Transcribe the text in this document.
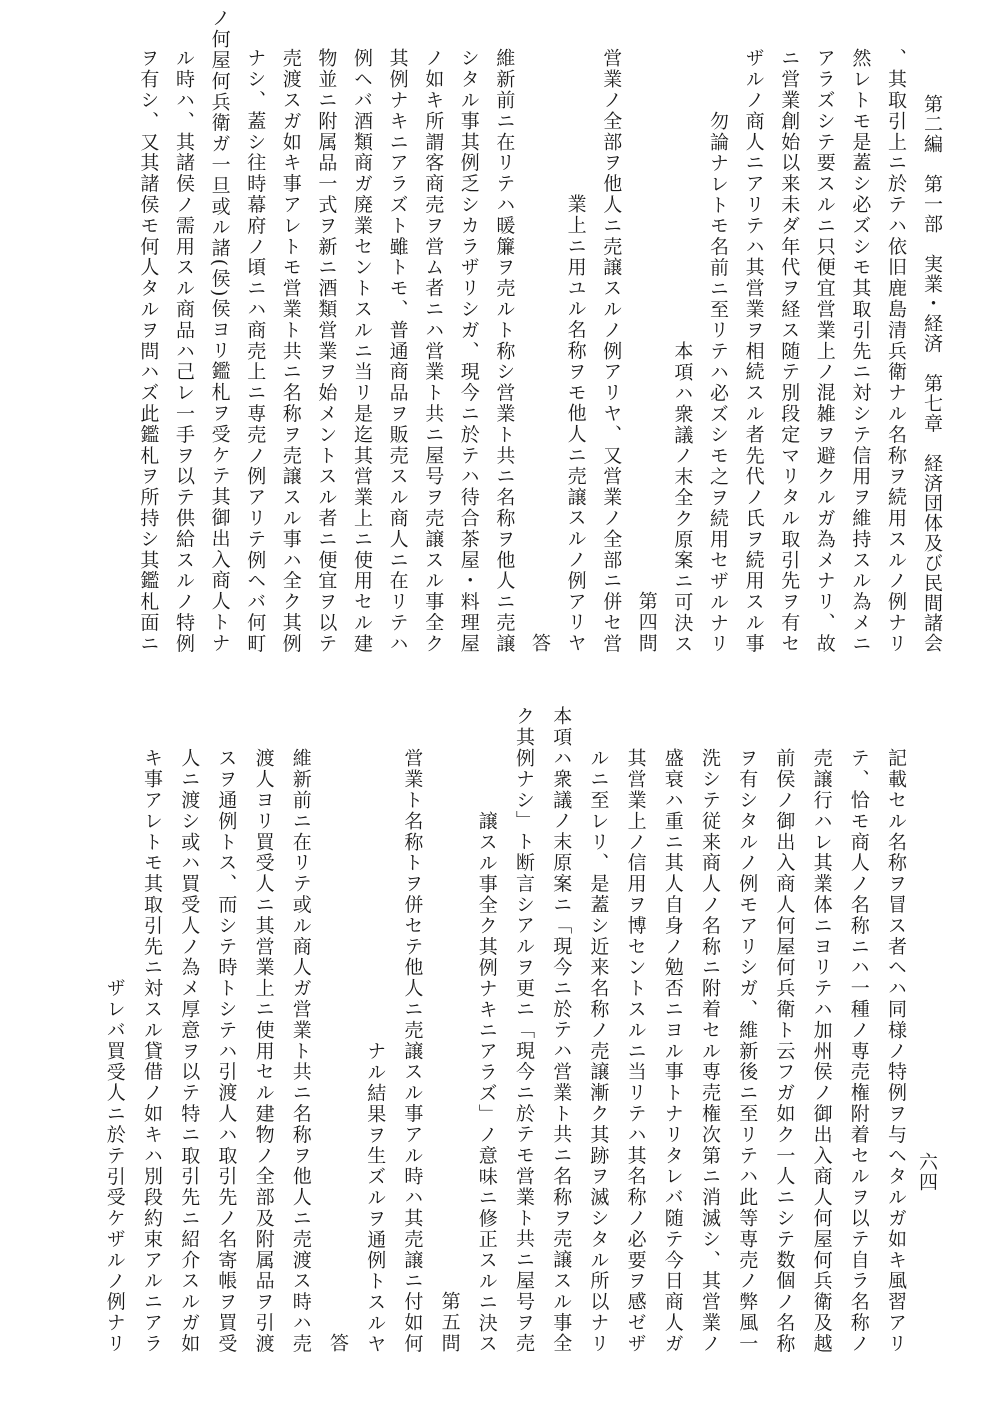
第二編　第一部　実業・経済　第七章　経済団体及び民間諸会
六四
其取引上ニ於テハ依旧鹿島清兵衛ナル名称ヲ続用スルノ例ナリ、
然レトモ是蓋シ必ズシモ其取引先ニ対シテ信用ヲ維持スル為メニ
アラズシテ要スルニ只便宜営業上ノ混雑ヲ避クルガ為メナリ、故
ニ営業創始以来未ダ年代ヲ経ス随テ別段定マリタル取引先ヲ有セ
ザルノ商人ニアリテハ其営業ヲ相続スル者先代ノ氏ヲ続用スル事
勿論ナレトモ名前ニ至リテハ必ズシモ之ヲ続用セザルナリ
本項ハ衆議ノ末全ク原案ニ可決ス
第四問
営業ノ全部ヲ他人ニ売譲スルノ例アリヤ、又営業ノ全部ニ併セ営
業上ニ用ユル名称ヲモ他人ニ売譲スルノ例アリヤ
答
維新前ニ在リテハ暖簾ヲ売ルト称シ営業ト共ニ名称ヲ他人ニ売譲
シタル事其例乏シカラザリシガ、現今ニ於テハ待合茶屋・料理屋
ノ如キ所謂客商売ヲ営ム者ニハ営業ト共ニ屋号ヲ売譲スル事全ク
其例ナキニアラズト雖トモ、普通商品ヲ販売スル商人ニ在リテハ
例ヘバ酒類商ガ廃業セントスルニ当リ是迄其営業上ニ使用セル建
物並ニ附属品一式ヲ新ニ酒類営業ヲ始メントスル者ニ便宜ヲ以テ
売渡スガ如キ事アレトモ営業ト共ニ名称ヲ売譲スル事ハ全ク其例
ナシ、蓋シ往時幕府ノ頃ニハ商売上ニ専売ノ例アリテ例ヘバ何町
ノ何屋何兵衛ガ一旦或ル諸(侯)侯ヨリ鑑札ヲ受ケテ其御出入商人トナ
ル時ハ、其諸侯ノ需用スル商品ハ己レ一手ヲ以テ供給スルノ特例
ヲ有シ、又其諸侯モ何人タルヲ問ハズ此鑑札ヲ所持シ其鑑札面ニ
記載セル名称ヲ冒ス者ヘハ同様ノ特例ヲ与ヘタルガ如キ風習アリ
テ、恰モ商人ノ名称ニハ一種ノ専売権附着セルヲ以テ自ラ名称ノ
売譲行ハレ其業体ニヨリテハ加州侯ノ御出入商人何屋何兵衛及越
前侯ノ御出入商人何屋何兵衛ト云フガ如ク一人ニシテ数個ノ名称
ヲ有シタルノ例モアリシガ、維新後ニ至リテハ此等専売ノ弊風一
洗シテ従来商人ノ名称ニ附着セル専売権次第ニ消滅シ、其営業ノ
盛衰ハ重ニ其人自身ノ勉否ニヨル事トナリタレバ随テ今日商人ガ
其営業上ノ信用ヲ博セントスルニ当リテハ其名称ノ必要ヲ感ゼザ
ルニ至レリ、是蓋シ近来名称ノ売譲漸ク其跡ヲ滅シタル所以ナリ
本項ハ衆議ノ末原案ニ「現今ニ於テハ営業ト共ニ名称ヲ売譲スル事全
ク其例ナシ」ト断言シアルヲ更ニ「現今ニ於テモ営業ト共ニ屋号ヲ売
譲スル事全ク其例ナキニアラズ」ノ意味ニ修正スルニ決ス
第五問
営業ト名称トヲ併セテ他人ニ売譲スル事アル時ハ其売譲ニ付如何
ナル結果ヲ生ズルヲ通例トスルヤ
答
維新前ニ在リテ或ル商人ガ営業ト共ニ名称ヲ他人ニ売渡ス時ハ売
渡人ヨリ買受人ニ其営業上ニ使用セル建物ノ全部及附属品ヲ引渡
スヲ通例トス、而シテ時トシテハ引渡人ハ取引先ノ名寄帳ヲ買受
人ニ渡シ或ハ買受人ノ為メ厚意ヲ以テ特ニ取引先ニ紹介スルガ如
キ事アレトモ其取引先ニ対スル貸借ノ如キハ別段約束アルニアラ
ザレバ買受人ニ於テ引受ケザルノ例ナリ
